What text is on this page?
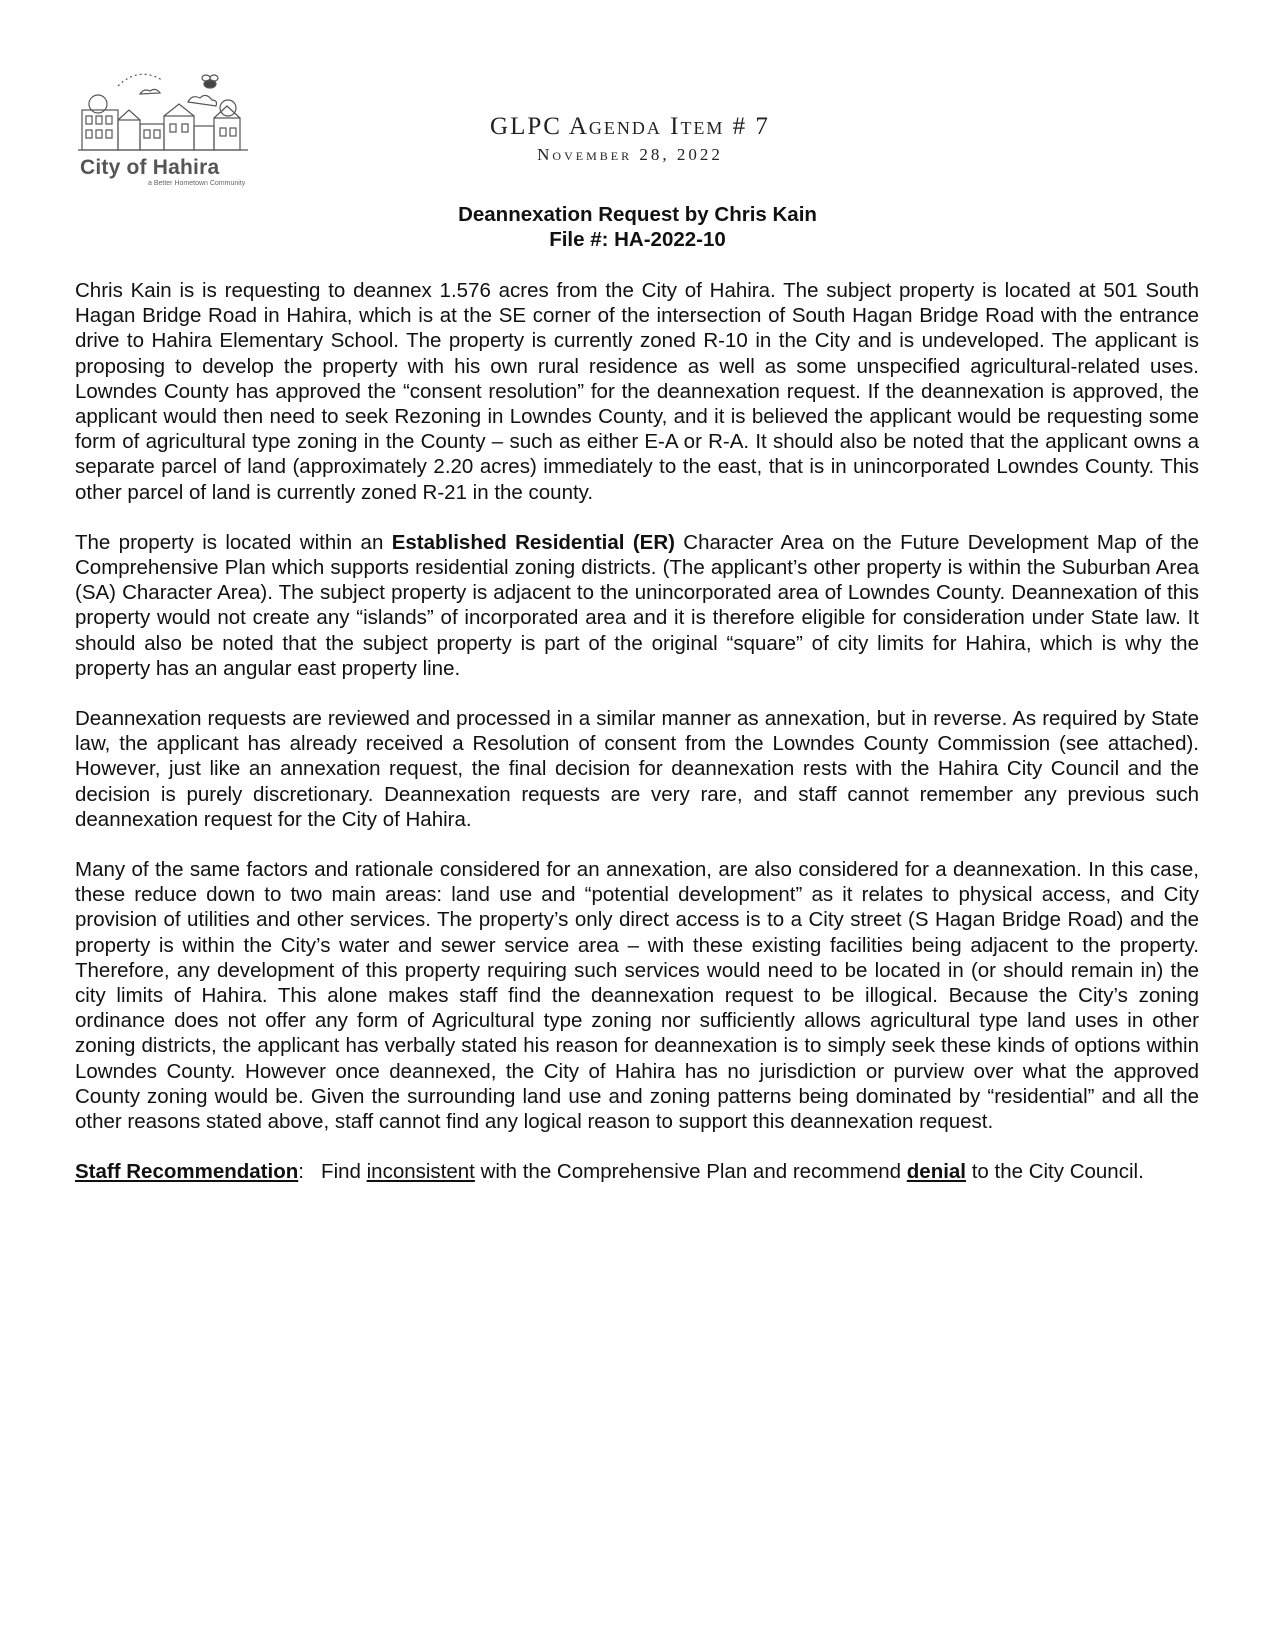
City of Hahira
a Better Hometown Community
GLPC Agenda Item # 7
November 28, 2022
Deannexation Request by Chris Kain
File #: HA-2022-10

Chris Kain is is requesting to deannex 1.576 acres from the City of Hahira. The subject property is located at 501 South Hagan Bridge Road in Hahira, which is at the SE corner of the intersection of South Hagan Bridge Road with the entrance drive to Hahira Elementary School. The property is currently zoned R-10 in the City and is undeveloped. The applicant is proposing to develop the property with his own rural residence as well as some unspecified agricultural-related uses. Lowndes County has approved the “consent resolution” for the deannexation request. If the deannexation is approved, the applicant would then need to seek Rezoning in Lowndes County, and it is believed the applicant would be requesting some form of agricultural type zoning in the County – such as either E-A or R-A. It should also be noted that the applicant owns a separate parcel of land (approximately 2.20 acres) immediately to the east, that is in unincorporated Lowndes County. This other parcel of land is currently zoned R-21 in the county.

The property is located within an Established Residential (ER) Character Area on the Future Development Map of the Comprehensive Plan which supports residential zoning districts. (The applicant’s other property is within the Suburban Area (SA) Character Area). The subject property is adjacent to the unincorporated area of Lowndes County. Deannexation of this property would not create any “islands” of incorporated area and it is therefore eligible for consideration under State law. It should also be noted that the subject property is part of the original “square” of city limits for Hahira, which is why the property has an angular east property line.

Deannexation requests are reviewed and processed in a similar manner as annexation, but in reverse. As required by State law, the applicant has already received a Resolution of consent from the Lowndes County Commission (see attached). However, just like an annexation request, the final decision for deannexation rests with the Hahira City Council and the decision is purely discretionary. Deannexation requests are very rare, and staff cannot remember any previous such deannexation request for the City of Hahira.

Many of the same factors and rationale considered for an annexation, are also considered for a deannexation. In this case, these reduce down to two main areas: land use and “potential development” as it relates to physical access, and City provision of utilities and other services. The property’s only direct access is to a City street (S Hagan Bridge Road) and the property is within the City’s water and sewer service area – with these existing facilities being adjacent to the property. Therefore, any development of this property requiring such services would need to be located in (or should remain in) the city limits of Hahira. This alone makes staff find the deannexation request to be illogical. Because the City’s zoning ordinance does not offer any form of Agricultural type zoning nor sufficiently allows agricultural type land uses in other zoning districts, the applicant has verbally stated his reason for deannexation is to simply seek these kinds of options within Lowndes County. However once deannexed, the City of Hahira has no jurisdiction or purview over what the approved County zoning would be. Given the surrounding land use and zoning patterns being dominated by “residential” and all the other reasons stated above, staff cannot find any logical reason to support this deannexation request.

Staff Recommendation:   Find inconsistent with the Comprehensive Plan and recommend denial to the City Council.
